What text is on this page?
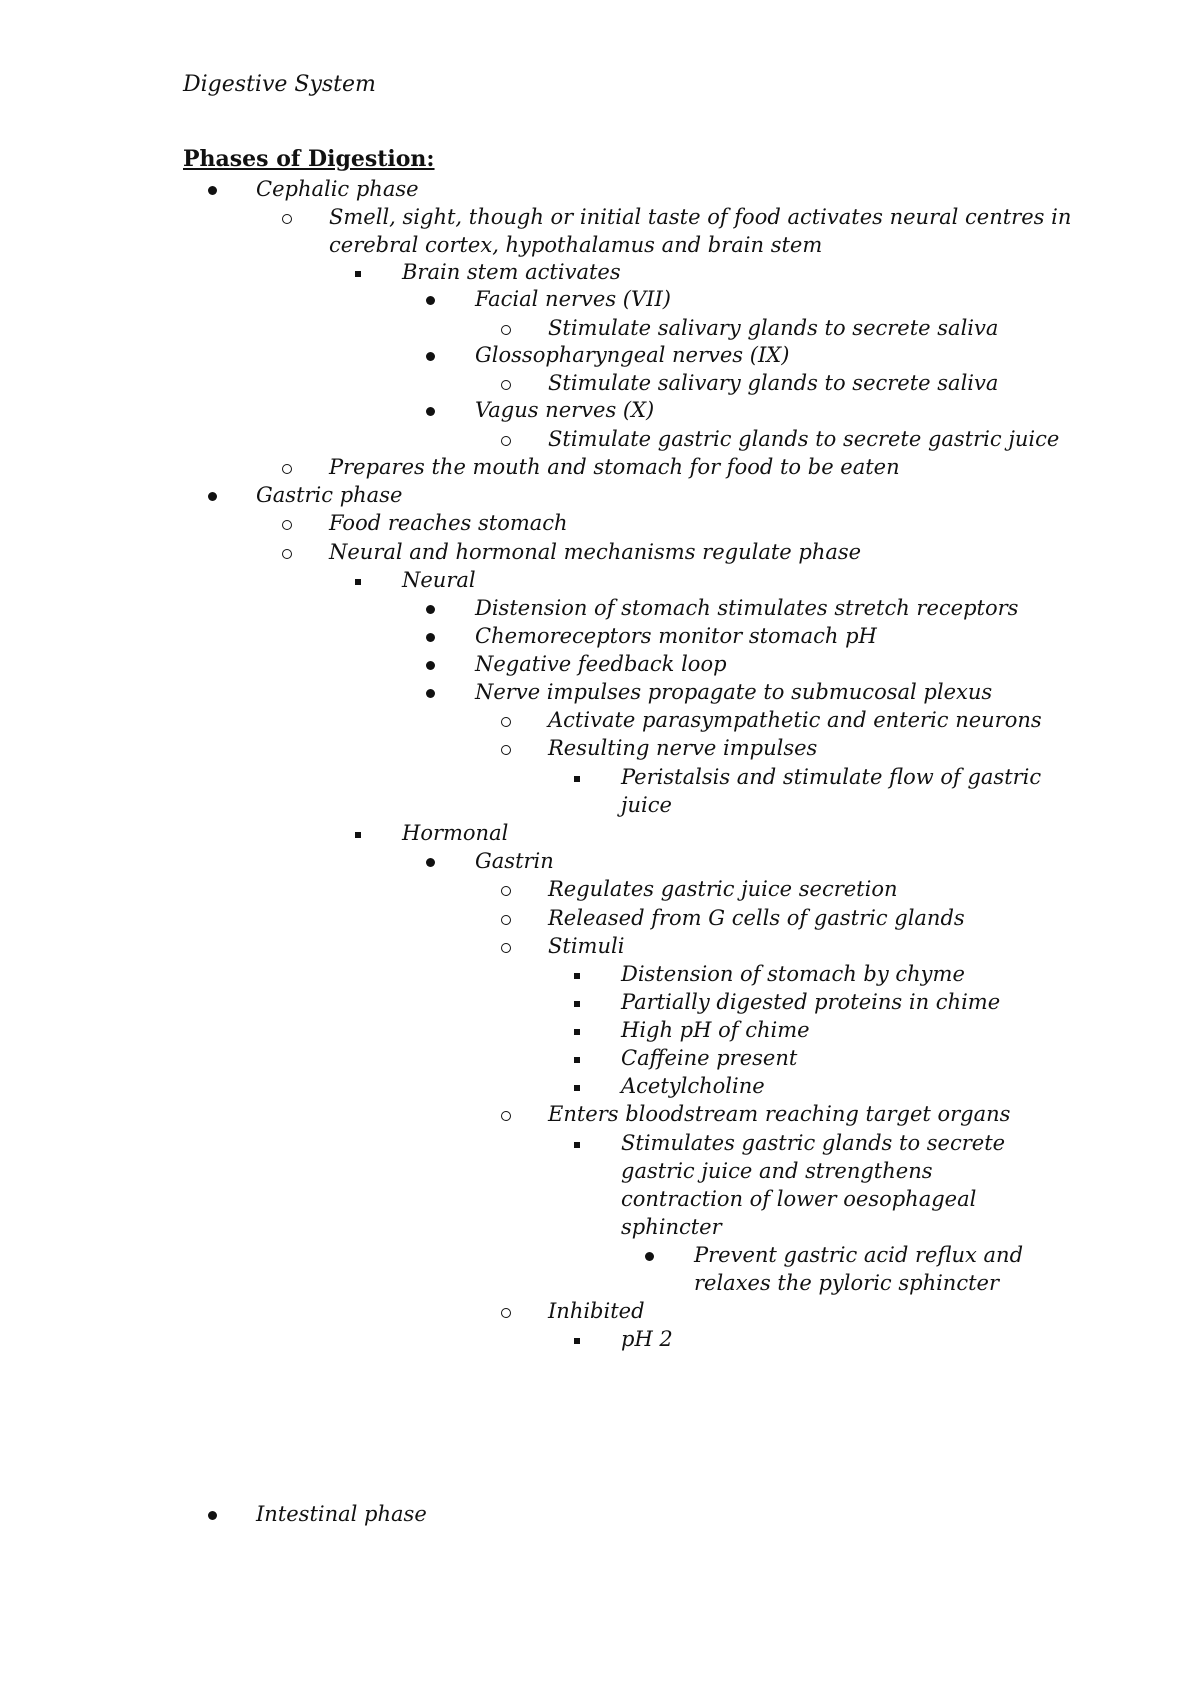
Digestive System
Phases of Digestion:
Cephalic phase
Smell, sight, though or initial taste of food activates neural centres in
cerebral cortex, hypothalamus and brain stem
Brain stem activates
Facial nerves (VII)
Stimulate salivary glands to secrete saliva
Glossopharyngeal nerves (IX)
Stimulate salivary glands to secrete saliva
Vagus nerves (X)
Stimulate gastric glands to secrete gastric juice
Prepares the mouth and stomach for food to be eaten
Gastric phase
Food reaches stomach
Neural and hormonal mechanisms regulate phase
Neural
Distension of stomach stimulates stretch receptors
Chemoreceptors monitor stomach pH
Negative feedback loop
Nerve impulses propagate to submucosal plexus
Activate parasympathetic and enteric neurons
Resulting nerve impulses
Peristalsis and stimulate flow of gastric
juice
Hormonal
Gastrin
Regulates gastric juice secretion
Released from G cells of gastric glands
Stimuli
Distension of stomach by chyme
Partially digested proteins in chime
High pH of chime
Caffeine present
Acetylcholine
Enters bloodstream reaching target organs
Stimulates gastric glands to secrete
gastric juice and strengthens
contraction of lower oesophageal
sphincter
Prevent gastric acid reflux and
relaxes the pyloric sphincter
Inhibited
pH 2
Intestinal phase
